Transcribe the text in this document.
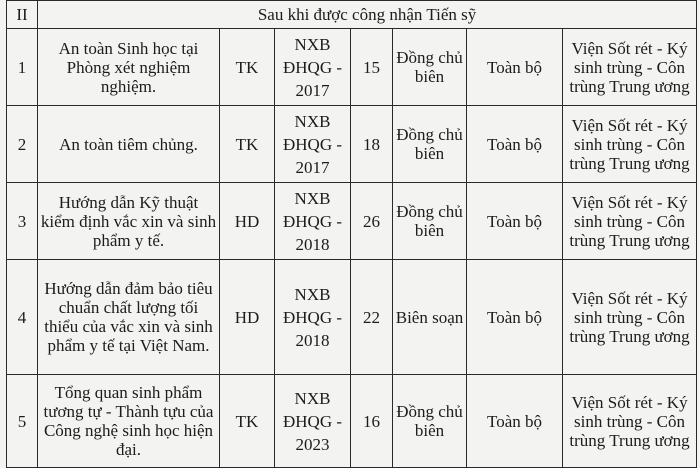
II	Sau khi được công nhận Tiến sỹ						
1	An toàn Sinh học tại Phòng xét nghiệm nghiệm.	TK	NXB ĐHQG - 2017	15	Đồng chủ biên	Toàn bộ	Viện Sốt rét - Ký sinh trùng - Côn trùng Trung ương
2	An toàn tiêm chủng.	TK	NXB ĐHQG - 2017	18	Đồng chủ biên	Toàn bộ	Viện Sốt rét - Ký sinh trùng - Côn trùng Trung ương
3	Hướng dẫn Kỹ thuật kiểm định vắc xin và sinh phẩm y tế.	HD	NXB ĐHQG - 2018	26	Đồng chủ biên	Toàn bộ	Viện Sốt rét - Ký sinh trùng - Côn trùng Trung ương
4	Hướng dẫn đảm bảo tiêu chuẩn chất lượng tối thiểu của vắc xin và sinh phẩm y tế tại Việt Nam.	HD	NXB ĐHQG - 2018	22	Biên soạn	Toàn bộ	Viện Sốt rét - Ký sinh trùng - Côn trùng Trung ương
5	Tổng quan sinh phẩm tương tự - Thành tựu của Công nghệ sinh học hiện đại.	TK	NXB ĐHQG - 2023	16	Đồng chủ biên	Toàn bộ	Viện Sốt rét - Ký sinh trùng - Côn trùng Trung ương
